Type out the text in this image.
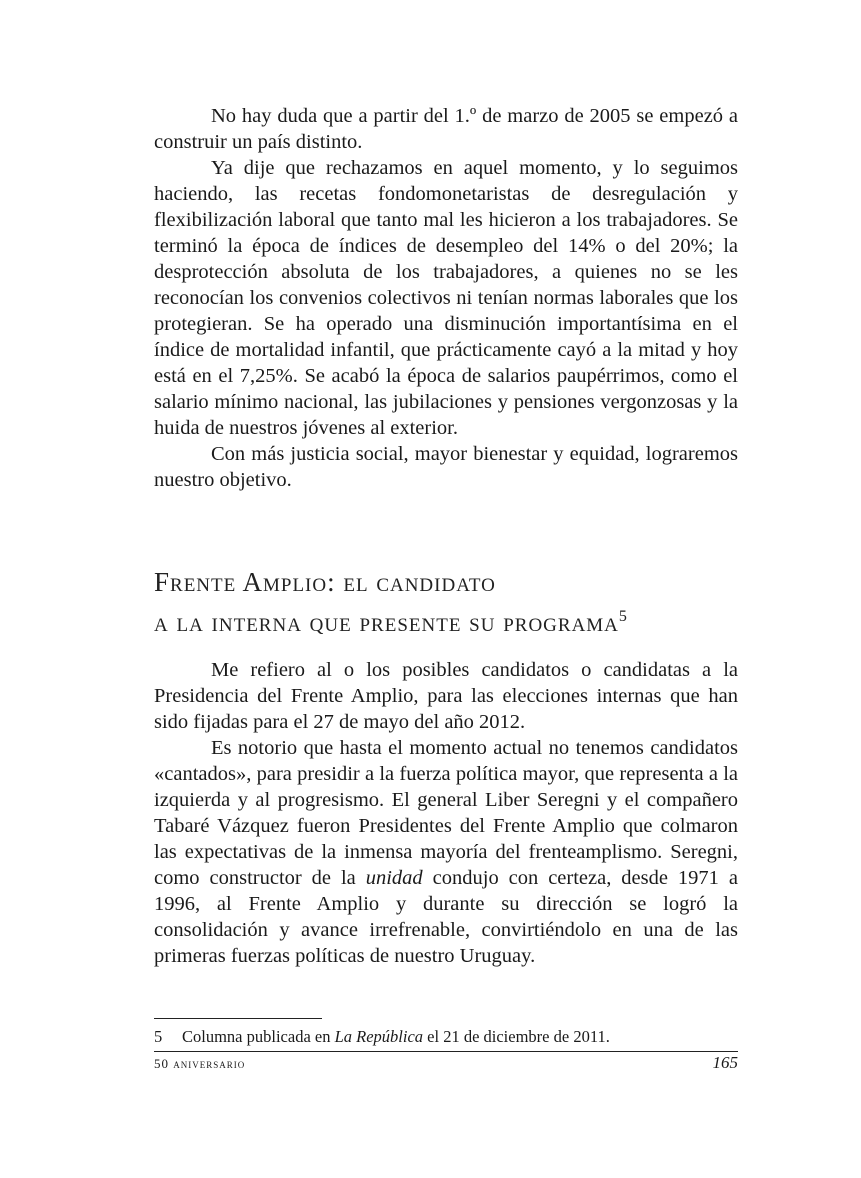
No hay duda que a partir del 1.º de marzo de 2005 se empezó a construir un país distinto.

Ya dije que rechazamos en aquel momento, y lo seguimos haciendo, las recetas fondomonetaristas de desregulación y flexibilización laboral que tanto mal les hicieron a los trabajadores. Se terminó la época de índices de desempleo del 14% o del 20%; la desprotección absoluta de los trabajadores, a quienes no se les reconocían los convenios colectivos ni tenían normas laborales que los protegieran. Se ha operado una disminución importantísima en el índice de mortalidad infantil, que prácticamente cayó a la mitad y hoy está en el 7,25%. Se acabó la época de salarios paupérrimos, como el salario mínimo nacional, las jubilaciones y pensiones vergonzosas y la huida de nuestros jóvenes al exterior.

Con más justicia social, mayor bienestar y equidad, lograremos nuestro objetivo.

Frente Amplio: el candidato
a la interna que presente su programa$^5$

Me refiero al o los posibles candidatos o candidatas a la Presidencia del Frente Amplio, para las elecciones internas que han sido fijadas para el 27 de mayo del año 2012.

Es notorio que hasta el momento actual no tenemos candidatos «cantados», para presidir a la fuerza política mayor, que representa a la izquierda y al progresismo. El general Liber Seregni y el compañero Tabaré Vázquez fueron Presidentes del Frente Amplio que colmaron las expectativas de la inmensa mayoría del frenteamplismo. Seregni, como constructor de la unidad condujo con certeza, desde 1971 a 1996, al Frente Amplio y durante su dirección se logró la consolidación y avance irrefrenable, convirtiéndolo en una de las primeras fuerzas políticas de nuestro Uruguay.

5 Columna publicada en La República el 21 de diciembre de 2011.
50 aniversario	165
